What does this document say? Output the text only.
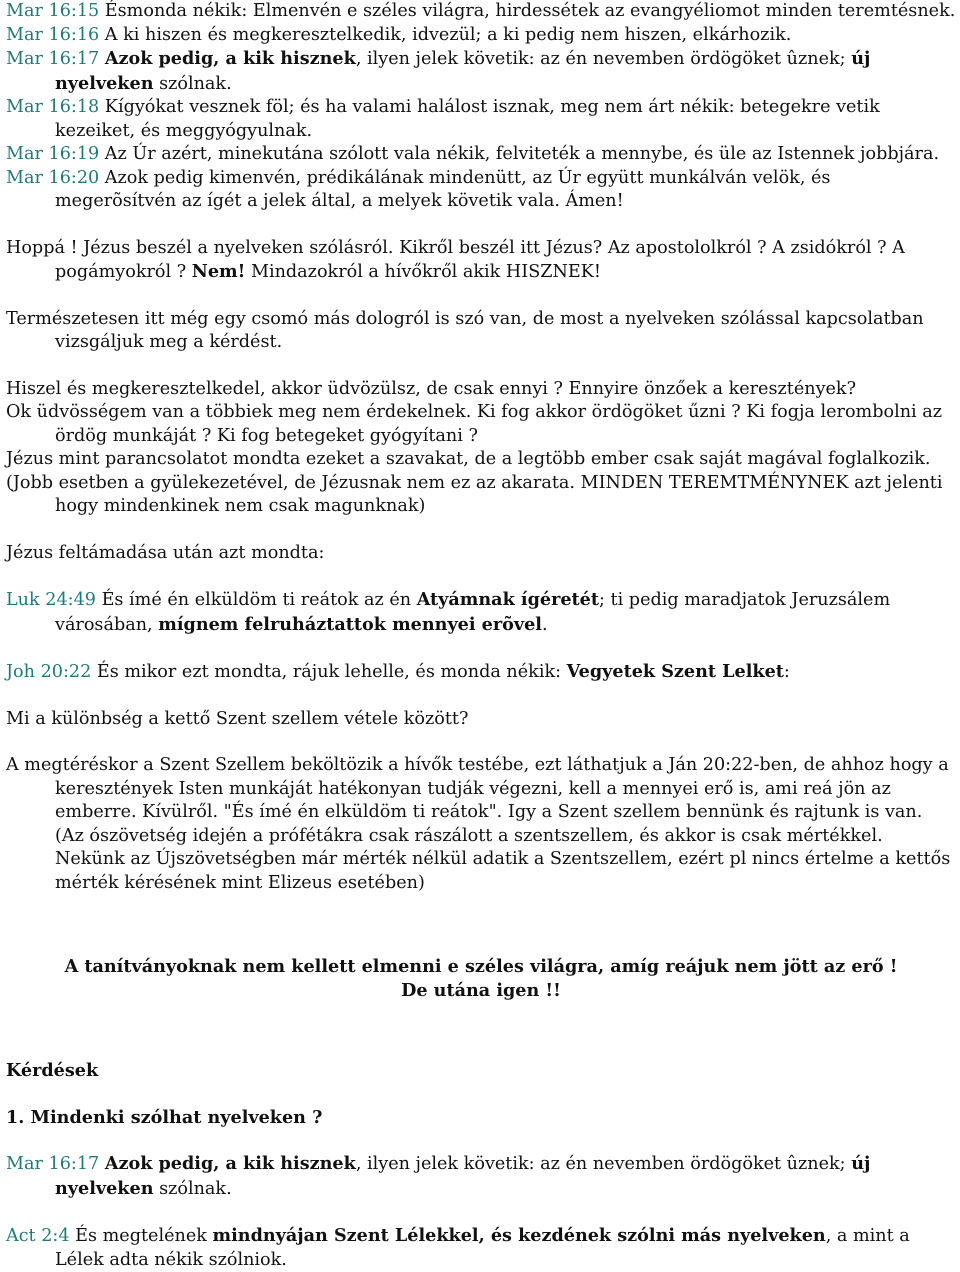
Mar 16:15 Ésmonda nékik: Elmenvén e széles világra, hirdessétek az evangyéliomot minden teremtésnek.

Mar 16:16 A ki hiszen és megkeresztelkedik, idvezül; a ki pedig nem hiszen, elkárhozik.

Mar 16:17 Azok pedig, a kik hisznek, ilyen jelek követik: az én nevemben ördögöket ûznek; új nyelveken szólnak.

Mar 16:18 Kígyókat vesznek föl; és ha valami halálost isznak, meg nem árt nékik: betegekre vetik kezeiket, és meggyógyulnak.

Mar 16:19 Az Úr azért, minekutána szólott vala nékik, felviteték a mennybe, és üle az Istennek jobbjára.

Mar 16:20 Azok pedig kimenvén, prédikálának mindenütt, az Úr együtt munkálván velök, és megerõsítvén az ígét a jelek által, a melyek követik vala. Ámen!

Hoppá ! Jézus beszél a nyelveken szólásról. Kikről beszél itt Jézus? Az apostololkról ? A zsidókról ? A pogámyokról ? Nem! Mindazokról a hívőkről akik HISZNEK!

Természetesen itt még egy csomó más dologról is szó van, de most a nyelveken szólással kapcsolatban vizsgáljuk meg a kérdést.

Hiszel és megkeresztelkedel, akkor üdvözülsz, de csak ennyi ? Ennyire önzőek a keresztények?

Ok üdvösségem van a többiek meg nem érdekelnek. Ki fog akkor ördögöket űzni ? Ki fogja lerombolni az ördög munkáját ? Ki fog betegeket gyógyítani ?

Jézus mint parancsolatot mondta ezeket a szavakat, de a legtöbb ember csak saját magával foglalkozik.

(Jobb esetben a gyülekezetével, de Jézusnak nem ez az akarata. MINDEN TEREMTMÉNYNEK azt jelenti hogy mindenkinek nem csak magunknak)

Jézus feltámadása után azt mondta:

Luk 24:49 És ímé én elküldöm ti reátok az én Atyámnak ígéretét; ti pedig maradjatok Jeruzsálem városában, mígnem felruháztattok mennyei erõvel.

Joh 20:22 És mikor ezt mondta, rájuk lehelle, és monda nékik: Vegyetek Szent Lelket:

Mi a különbség a kettő Szent szellem vétele között?

A megtéréskor a Szent Szellem beköltözik a hívők testébe, ezt láthatjuk a Ján 20:22-ben, de ahhoz hogy a keresztények Isten munkáját hatékonyan tudják végezni, kell a mennyei erő is, ami reá jön az emberre. Kívülről. "És ímé én elküldöm ti reátok". Igy a Szent szellem bennünk és rajtunk is van. (Az ószövetség idején a prófétákra csak rászálott a szentszellem, és akkor is csak mértékkel. Nekünk az Újszövetségben már mérték nélkül adatik a Szentszellem, ezért pl nincs értelme a kettős mérték kérésének mint Elizeus esetében)

A tanítványoknak nem kellett elmenni e széles világra, amíg reájuk nem jött az erő !

De utána igen !!

Kérdések

1. Mindenki szólhat nyelveken ?

Mar 16:17 Azok pedig, a kik hisznek, ilyen jelek követik: az én nevemben ördögöket ûznek; új nyelveken szólnak.

Act 2:4 És megtelének mindnyájan Szent Lélekkel, és kezdének szólni más nyelveken, a mint a Lélek adta nékik szólniok.
